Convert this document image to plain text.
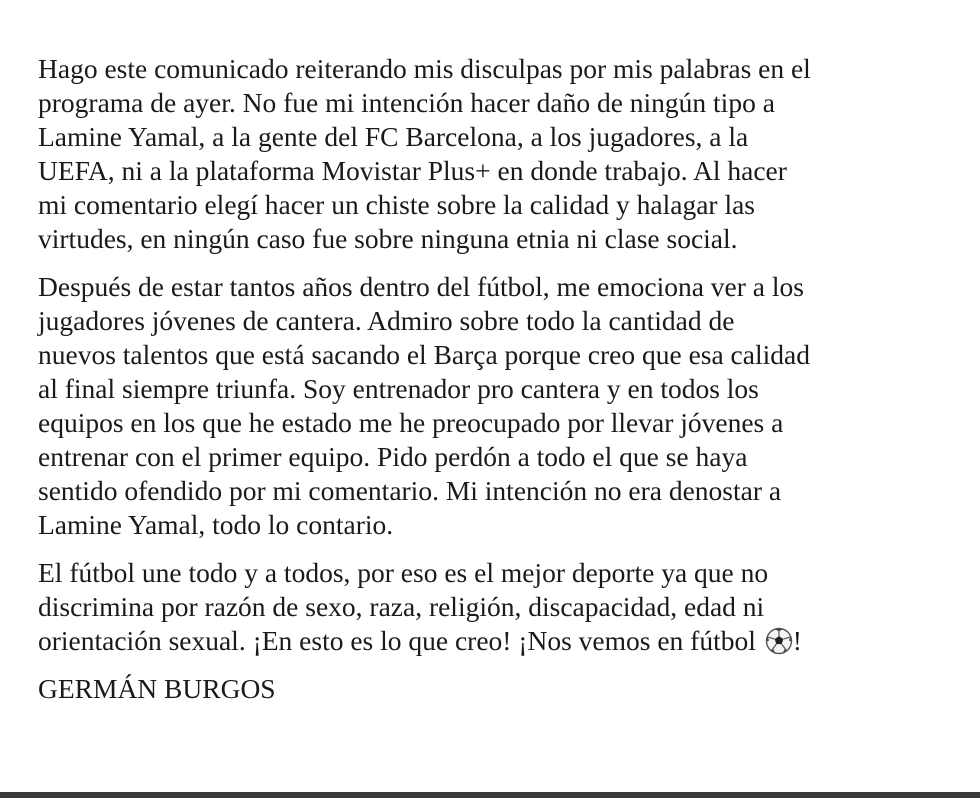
Hago este comunicado reiterando mis disculpas por mis palabras en el
programa de ayer. No fue mi intención hacer daño de ningún tipo a
Lamine Yamal, a la gente del FC Barcelona, a los jugadores, a la
UEFA, ni a la plataforma Movistar Plus+ en donde trabajo. Al hacer
mi comentario elegí hacer un chiste sobre la calidad y halagar las
virtudes, en ningún caso fue sobre ninguna etnia ni clase social.

Después de estar tantos años dentro del fútbol, me emociona ver a los
jugadores jóvenes de cantera. Admiro sobre todo la cantidad de
nuevos talentos que está sacando el Barça porque creo que esa calidad
al final siempre triunfa. Soy entrenador pro cantera y en todos los
equipos en los que he estado me he preocupado por llevar jóvenes a
entrenar con el primer equipo. Pido perdón a todo el que se haya
sentido ofendido por mi comentario. Mi intención no era denostar a
Lamine Yamal, todo lo contario.

El fútbol une todo y a todos, por eso es el mejor deporte ya que no
discrimina por razón de sexo, raza, religión, discapacidad, edad ni
orientación sexual. ¡En esto es lo que creo! ¡Nos vemos en fútbol !

GERMÁN BURGOS
